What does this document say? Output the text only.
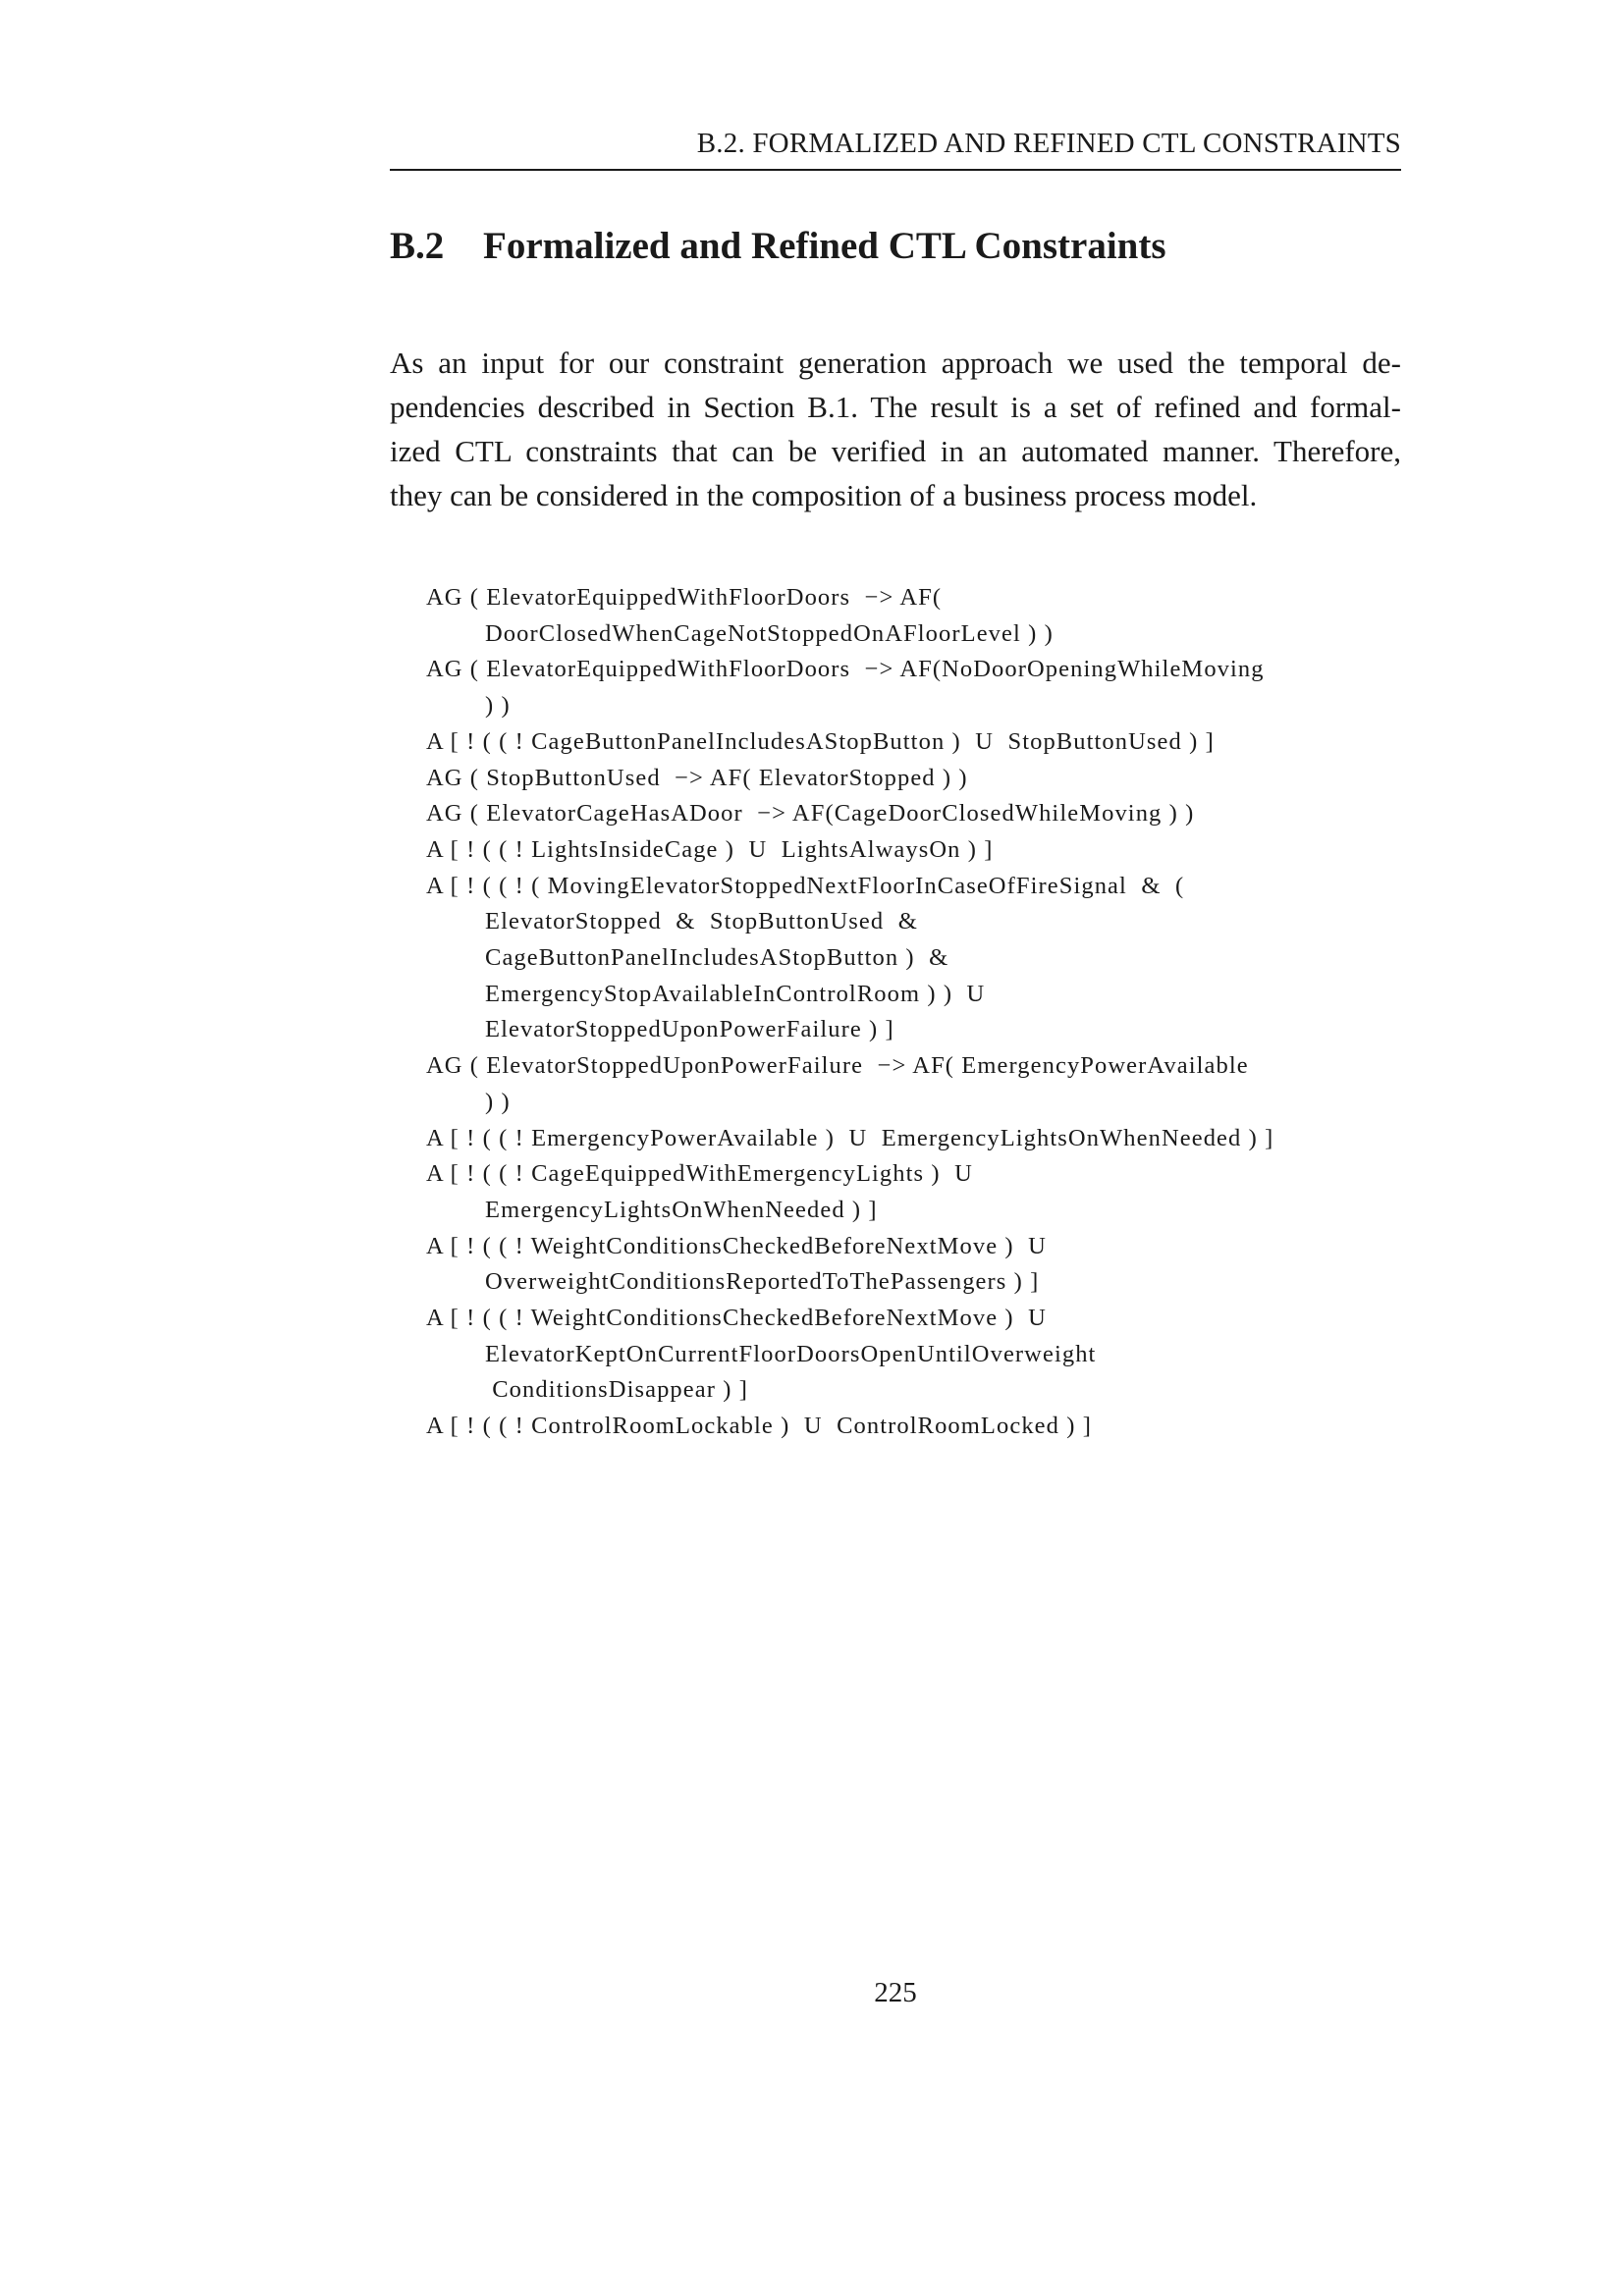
B.2. FORMALIZED AND REFINED CTL CONSTRAINTS
B.2 Formalized and Refined CTL Constraints
As an input for our constraint generation approach we used the temporal de-
pendencies described in Section B.1. The result is a set of refined and formal-
ized CTL constraints that can be verified in an automated manner. Therefore,
they can be considered in the composition of a business process model.
AG ( ElevatorEquippedWithFloorDoors  −> AF(
DoorClosedWhenCageNotStoppedOnAFloorLevel ) )
AG ( ElevatorEquippedWithFloorDoors  −> AF(NoDoorOpeningWhileMoving
) )
A [ ! ( ( ! CageButtonPanelIncludesAStopButton )  U  StopButtonUsed ) ]
AG ( StopButtonUsed  −> AF( ElevatorStopped ) )
AG ( ElevatorCageHasADoor  −> AF(CageDoorClosedWhileMoving ) )
A [ ! ( ( ! LightsInsideCage )  U  LightsAlwaysOn ) ]
A [ ! ( ( ! ( MovingElevatorStoppedNextFloorInCaseOfFireSignal  &  (
ElevatorStopped  &  StopButtonUsed  &
CageButtonPanelIncludesAStopButton )  &
EmergencyStopAvailableInControlRoom ) )  U
ElevatorStoppedUponPowerFailure ) ]
AG ( ElevatorStoppedUponPowerFailure  −> AF( EmergencyPowerAvailable
) )
A [ ! ( ( ! EmergencyPowerAvailable )  U  EmergencyLightsOnWhenNeeded ) ]
A [ ! ( ( ! CageEquippedWithEmergencyLights )  U
EmergencyLightsOnWhenNeeded ) ]
A [ ! ( ( ! WeightConditionsCheckedBeforeNextMove )  U
OverweightConditionsReportedToThePassengers ) ]
A [ ! ( ( ! WeightConditionsCheckedBeforeNextMove )  U
ElevatorKeptOnCurrentFloorDoorsOpenUntilOverweight
ConditionsDisappear ) ]
A [ ! ( ( ! ControlRoomLockable )  U  ControlRoomLocked ) ]
225
